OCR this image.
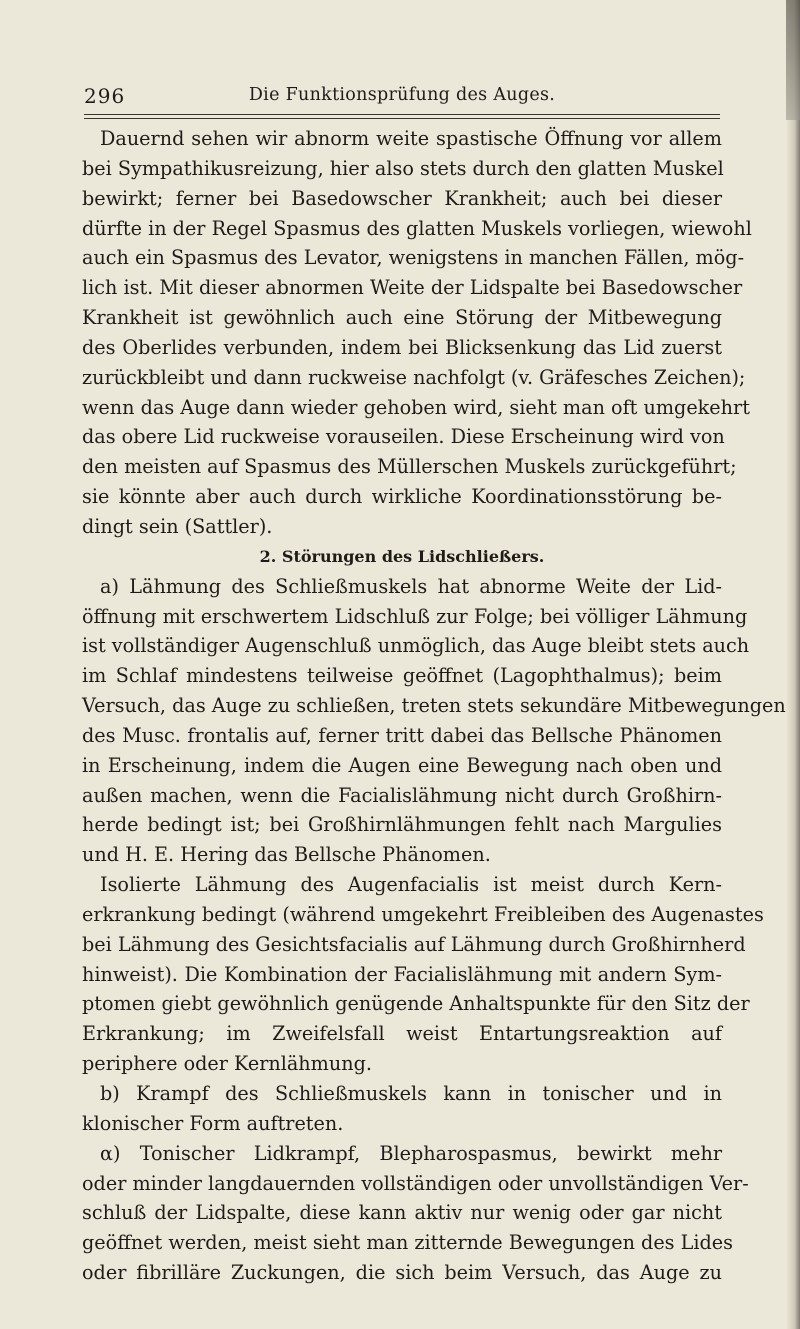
296	Die Funktionsprüfung des Auges.
Dauernd sehen wir abnorm weite spastische Öffnung vor allem
bei Sympathikusreizung, hier also stets durch den glatten Muskel
bewirkt; ferner bei Basedowscher Krankheit; auch bei dieser
dürfte in der Regel Spasmus des glatten Muskels vorliegen, wiewohl
auch ein Spasmus des Levator, wenigstens in manchen Fällen, mög-
lich ist. Mit dieser abnormen Weite der Lidspalte bei Basedowscher
Krankheit ist gewöhnlich auch eine Störung der Mitbewegung
des Oberlides verbunden, indem bei Blicksenkung das Lid zuerst
zurückbleibt und dann ruckweise nachfolgt (v. Gräfesches Zeichen);
wenn das Auge dann wieder gehoben wird, sieht man oft umgekehrt
das obere Lid ruckweise vorauseilen. Diese Erscheinung wird von
den meisten auf Spasmus des Müllerschen Muskels zurückgeführt;
sie könnte aber auch durch wirkliche Koordinationsstörung be-
dingt sein (Sattler).
2. Störungen des Lidschließers.
a) Lähmung des Schließmuskels hat abnorme Weite der Lid-
öffnung mit erschwertem Lidschluß zur Folge; bei völliger Lähmung
ist vollständiger Augenschluß unmöglich, das Auge bleibt stets auch
im Schlaf mindestens teilweise geöffnet (Lagophthalmus); beim
Versuch, das Auge zu schließen, treten stets sekundäre Mitbewegungen
des Musc. frontalis auf, ferner tritt dabei das Bellsche Phänomen
in Erscheinung, indem die Augen eine Bewegung nach oben und
außen machen, wenn die Facialislähmung nicht durch Großhirn-
herde bedingt ist; bei Großhirnlähmungen fehlt nach Margulies
und H. E. Hering das Bellsche Phänomen.
Isolierte Lähmung des Augenfacialis ist meist durch Kern-
erkrankung bedingt (während umgekehrt Freibleiben des Augenastes
bei Lähmung des Gesichtsfacialis auf Lähmung durch Großhirnherd
hinweist). Die Kombination der Facialislähmung mit andern Sym-
ptomen giebt gewöhnlich genügende Anhaltspunkte für den Sitz der
Erkrankung; im Zweifelsfall weist Entartungsreaktion auf
periphere oder Kernlähmung.
b) Krampf des Schließmuskels kann in tonischer und in
klonischer Form auftreten.
α) Tonischer Lidkrampf, Blepharospasmus, bewirkt mehr
oder minder langdauernden vollständigen oder unvollständigen Ver-
schluß der Lidspalte, diese kann aktiv nur wenig oder gar nicht
geöffnet werden, meist sieht man zitternde Bewegungen des Lides
oder fibrilläre Zuckungen, die sich beim Versuch, das Auge zu
